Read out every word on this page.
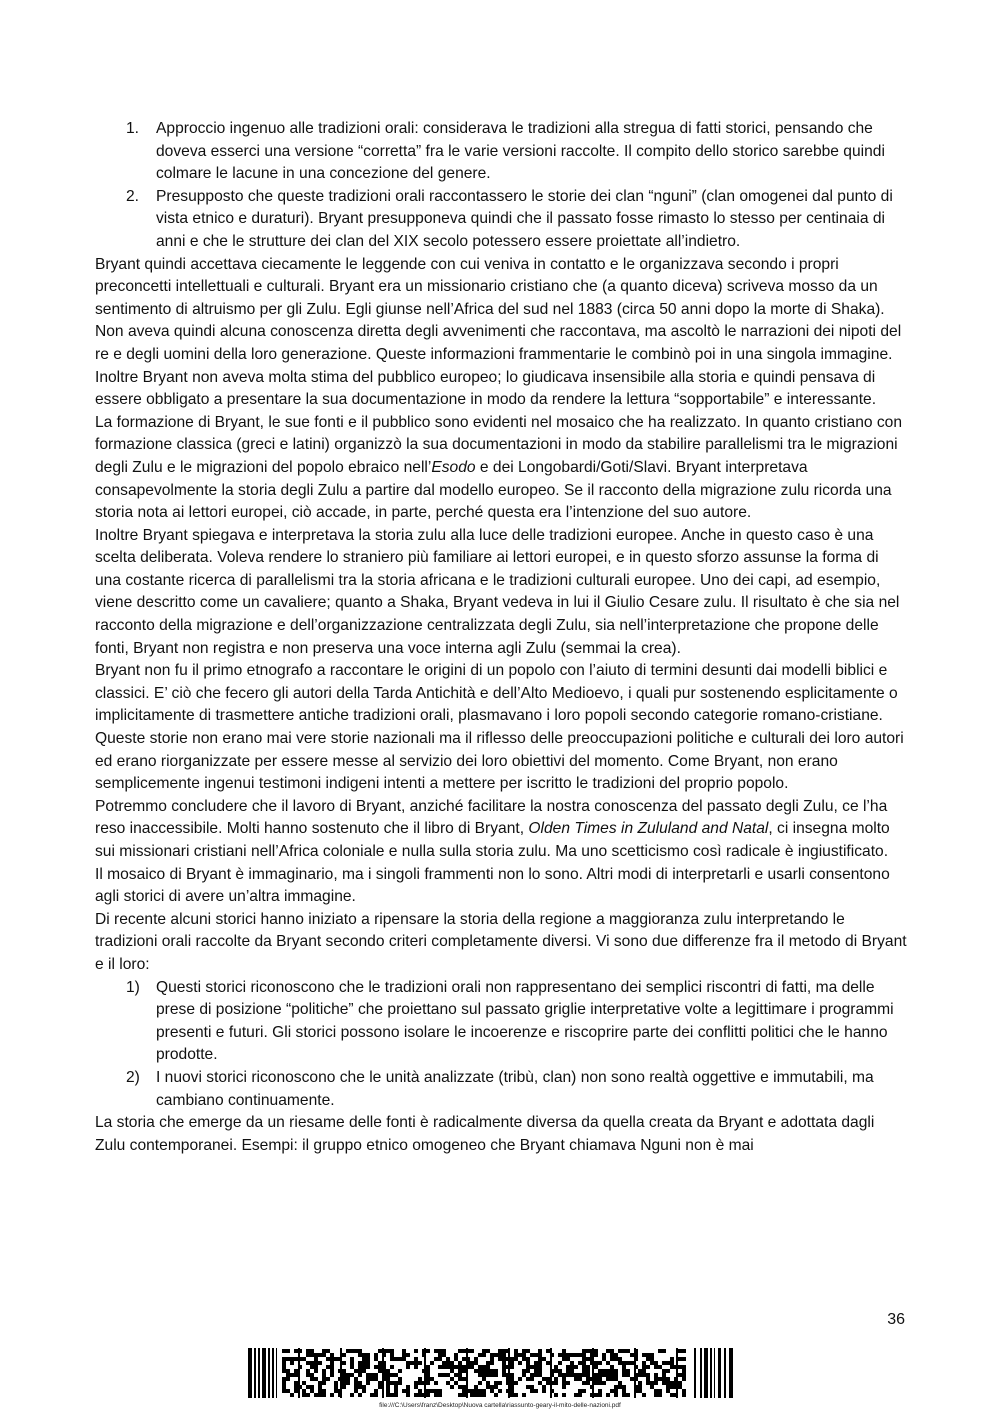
1. Approccio ingenuo alle tradizioni orali: considerava le tradizioni alla stregua di fatti storici, pensando che doveva esserci una versione “corretta” fra le varie versioni raccolte. Il compito dello storico sarebbe quindi colmare le lacune in una concezione del genere.
2. Presupposto che queste tradizioni orali raccontassero le storie dei clan “nguni” (clan omogenei dal punto di vista etnico e duraturi). Bryant presupponeva quindi che il passato fosse rimasto lo stesso per centinaia di anni e che le strutture dei clan del XIX secolo potessero essere proiettate all’indietro.

Bryant quindi accettava ciecamente le leggende con cui veniva in contatto e le organizzava secondo i propri preconcetti intellettuali e culturali. Bryant era un missionario cristiano che (a quanto diceva) scriveva mosso da un sentimento di altruismo per gli Zulu. Egli giunse nell’Africa del sud nel 1883 (circa 50 anni dopo la morte di Shaka). Non aveva quindi alcuna conoscenza diretta degli avvenimenti che raccontava, ma ascoltò le narrazioni dei nipoti del re e degli uomini della loro generazione. Queste informazioni frammentarie le combinò poi in una singola immagine. Inoltre Bryant non aveva molta stima del pubblico europeo; lo giudicava insensibile alla storia e quindi pensava di essere obbligato a presentare la sua documentazione in modo da rendere la lettura “sopportabile” e interessante.

La formazione di Bryant, le sue fonti e il pubblico sono evidenti nel mosaico che ha realizzato. In quanto cristiano con formazione classica (greci e latini) organizzò la sua documentazioni in modo da stabilire parallelismi tra le migrazioni degli Zulu e le migrazioni del popolo ebraico nell’Esodo e dei Longobardi/Goti/Slavi. Bryant interpretava consapevolmente la storia degli Zulu a partire dal modello europeo. Se il racconto della migrazione zulu ricorda una storia nota ai lettori europei, ciò accade, in parte, perché questa era l’intenzione del suo autore.

Inoltre Bryant spiegava e interpretava la storia zulu alla luce delle tradizioni europee. Anche in questo caso è una scelta deliberata. Voleva rendere lo straniero più familiare ai lettori europei, e in questo sforzo assunse la forma di una costante ricerca di parallelismi tra la storia africana e le tradizioni culturali europee. Uno dei capi, ad esempio, viene descritto come un cavaliere; quanto a Shaka, Bryant vedeva in lui il Giulio Cesare zulu. Il risultato è che sia nel racconto della migrazione e dell’organizzazione centralizzata degli Zulu, sia nell’interpretazione che propone delle fonti, Bryant non registra e non preserva una voce interna agli Zulu (semmai la crea).

Bryant non fu il primo etnografo a raccontare le origini di un popolo con l’aiuto di termini desunti dai modelli biblici e classici. E’ ciò che fecero gli autori della Tarda Antichità e dell’Alto Medioevo, i quali pur sostenendo esplicitamente o implicitamente di trasmettere antiche tradizioni orali, plasmavano i loro popoli secondo categorie romano-cristiane. Queste storie non erano mai vere storie nazionali ma il riflesso delle preoccupazioni politiche e culturali dei loro autori ed erano riorganizzate per essere messe al servizio dei loro obiettivi del momento. Come Bryant, non erano semplicemente ingenui testimoni indigeni intenti a mettere per iscritto le tradizioni del proprio popolo.

Potremmo concludere che il lavoro di Bryant, anziché facilitare la nostra conoscenza del passato degli Zulu, ce l’ha reso inaccessibile. Molti hanno sostenuto che il libro di Bryant, Olden Times in Zululand and Natal, ci insegna molto sui missionari cristiani nell’Africa coloniale e nulla sulla storia zulu. Ma uno scetticismo così radicale è ingiustificato.

Il mosaico di Bryant è immaginario, ma i singoli frammenti non lo sono. Altri modi di interpretarli e usarli consentono agli storici di avere un’altra immagine.

Di recente alcuni storici hanno iniziato a ripensare la storia della regione a maggioranza zulu interpretando le tradizioni orali raccolte da Bryant secondo criteri completamente diversi. Vi sono due differenze fra il metodo di Bryant e il loro:

1) Questi storici riconoscono che le tradizioni orali non rappresentano dei semplici riscontri di fatti, ma delle prese di posizione “politiche” che proiettano sul passato griglie interpretative volte a legittimare i programmi presenti e futuri. Gli storici possono isolare le incoerenze e riscoprire parte dei conflitti politici che le hanno prodotte.
2) I nuovi storici riconoscono che le unità analizzate (tribù, clan) non sono realtà oggettive e immutabili, ma cambiano continuamente.

La storia che emerge da un riesame delle fonti è radicalmente diversa da quella creata da Bryant e adottata dagli Zulu contemporanei. Esempi: il gruppo etnico omogeneo che Bryant chiamava Nguni non è mai

36
file:///C:\Users\franz\Desktop\Nuova cartella\riassunto-geary-il-mito-delle-nazioni.pdf
